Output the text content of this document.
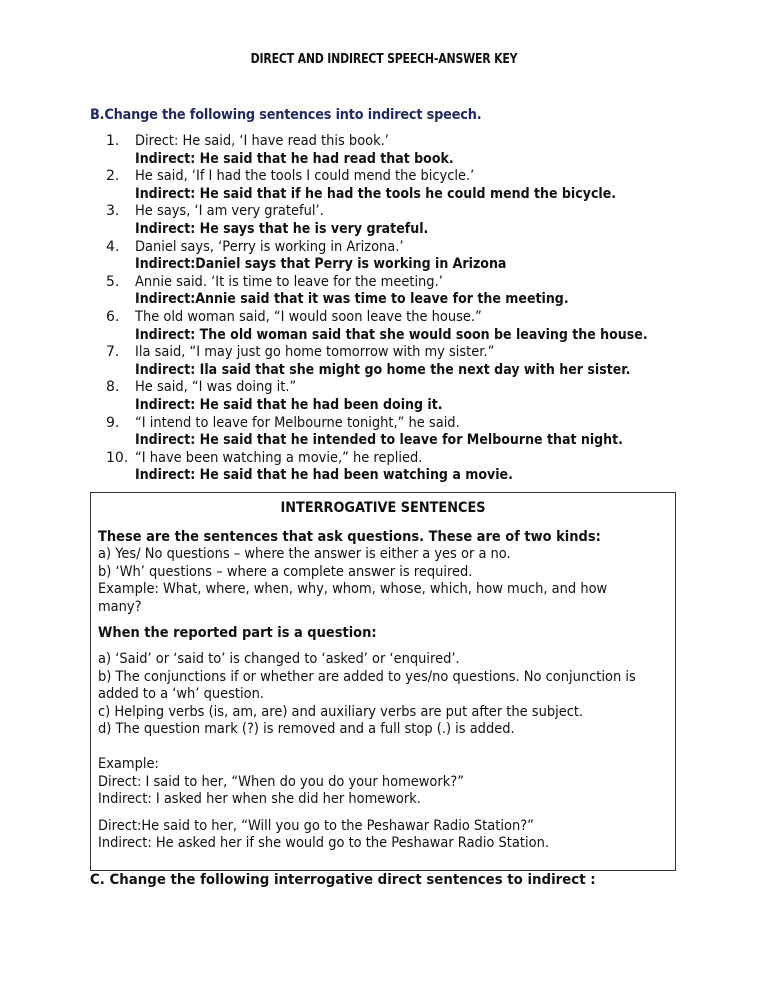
DIRECT AND INDIRECT SPEECH-ANSWER KEY
B.Change the following sentences into indirect speech.
1. Direct: He said, ‘I have read this book.’
Indirect: He said that he had read that book.
2. He said, ‘If I had the tools I could mend the bicycle.’
Indirect: He said that if he had the tools he could mend the bicycle.
3. He says, ‘I am very grateful’.
Indirect: He says that he is very grateful.
4. Daniel says, ‘Perry is working in Arizona.’
Indirect:Daniel says that Perry is working in Arizona
5. Annie said. ‘It is time to leave for the meeting.’
Indirect:Annie said that it was time to leave for the meeting.
6. The old woman said, “I would soon leave the house.”
Indirect: The old woman said that she would soon be leaving the house.
7. Ila said, “I may just go home tomorrow with my sister.”
Indirect: Ila said that she might go home the next day with her sister.
8. He said, “I was doing it.”
Indirect: He said that he had been doing it.
9. “I intend to leave for Melbourne tonight,” he said.
Indirect: He said that he intended to leave for Melbourne that night.
10. “I have been watching a movie,” he replied.
Indirect: He said that he had been watching a movie.
INTERROGATIVE SENTENCES
These are the sentences that ask questions. These are of two kinds:
a) Yes/ No questions – where the answer is either a yes or a no.
b) ‘Wh’ questions – where a complete answer is required.
Example: What, where, when, why, whom, whose, which, how much, and how
many?
When the reported part is a question:
a) ‘Said’ or ‘said to’ is changed to ‘asked’ or ‘enquired’.
b) The conjunctions if or whether are added to yes/no questions. No conjunction is
added to a ‘wh’ question.
c) Helping verbs (is, am, are) and auxiliary verbs are put after the subject.
d) The question mark (?) is removed and a full stop (.) is added.
Example:
Direct: I said to her, “When do you do your homework?”
Indirect: I asked her when she did her homework.
Direct:He said to her, “Will you go to the Peshawar Radio Station?”
Indirect: He asked her if she would go to the Peshawar Radio Station.
C. Change the following interrogative direct sentences to indirect :
